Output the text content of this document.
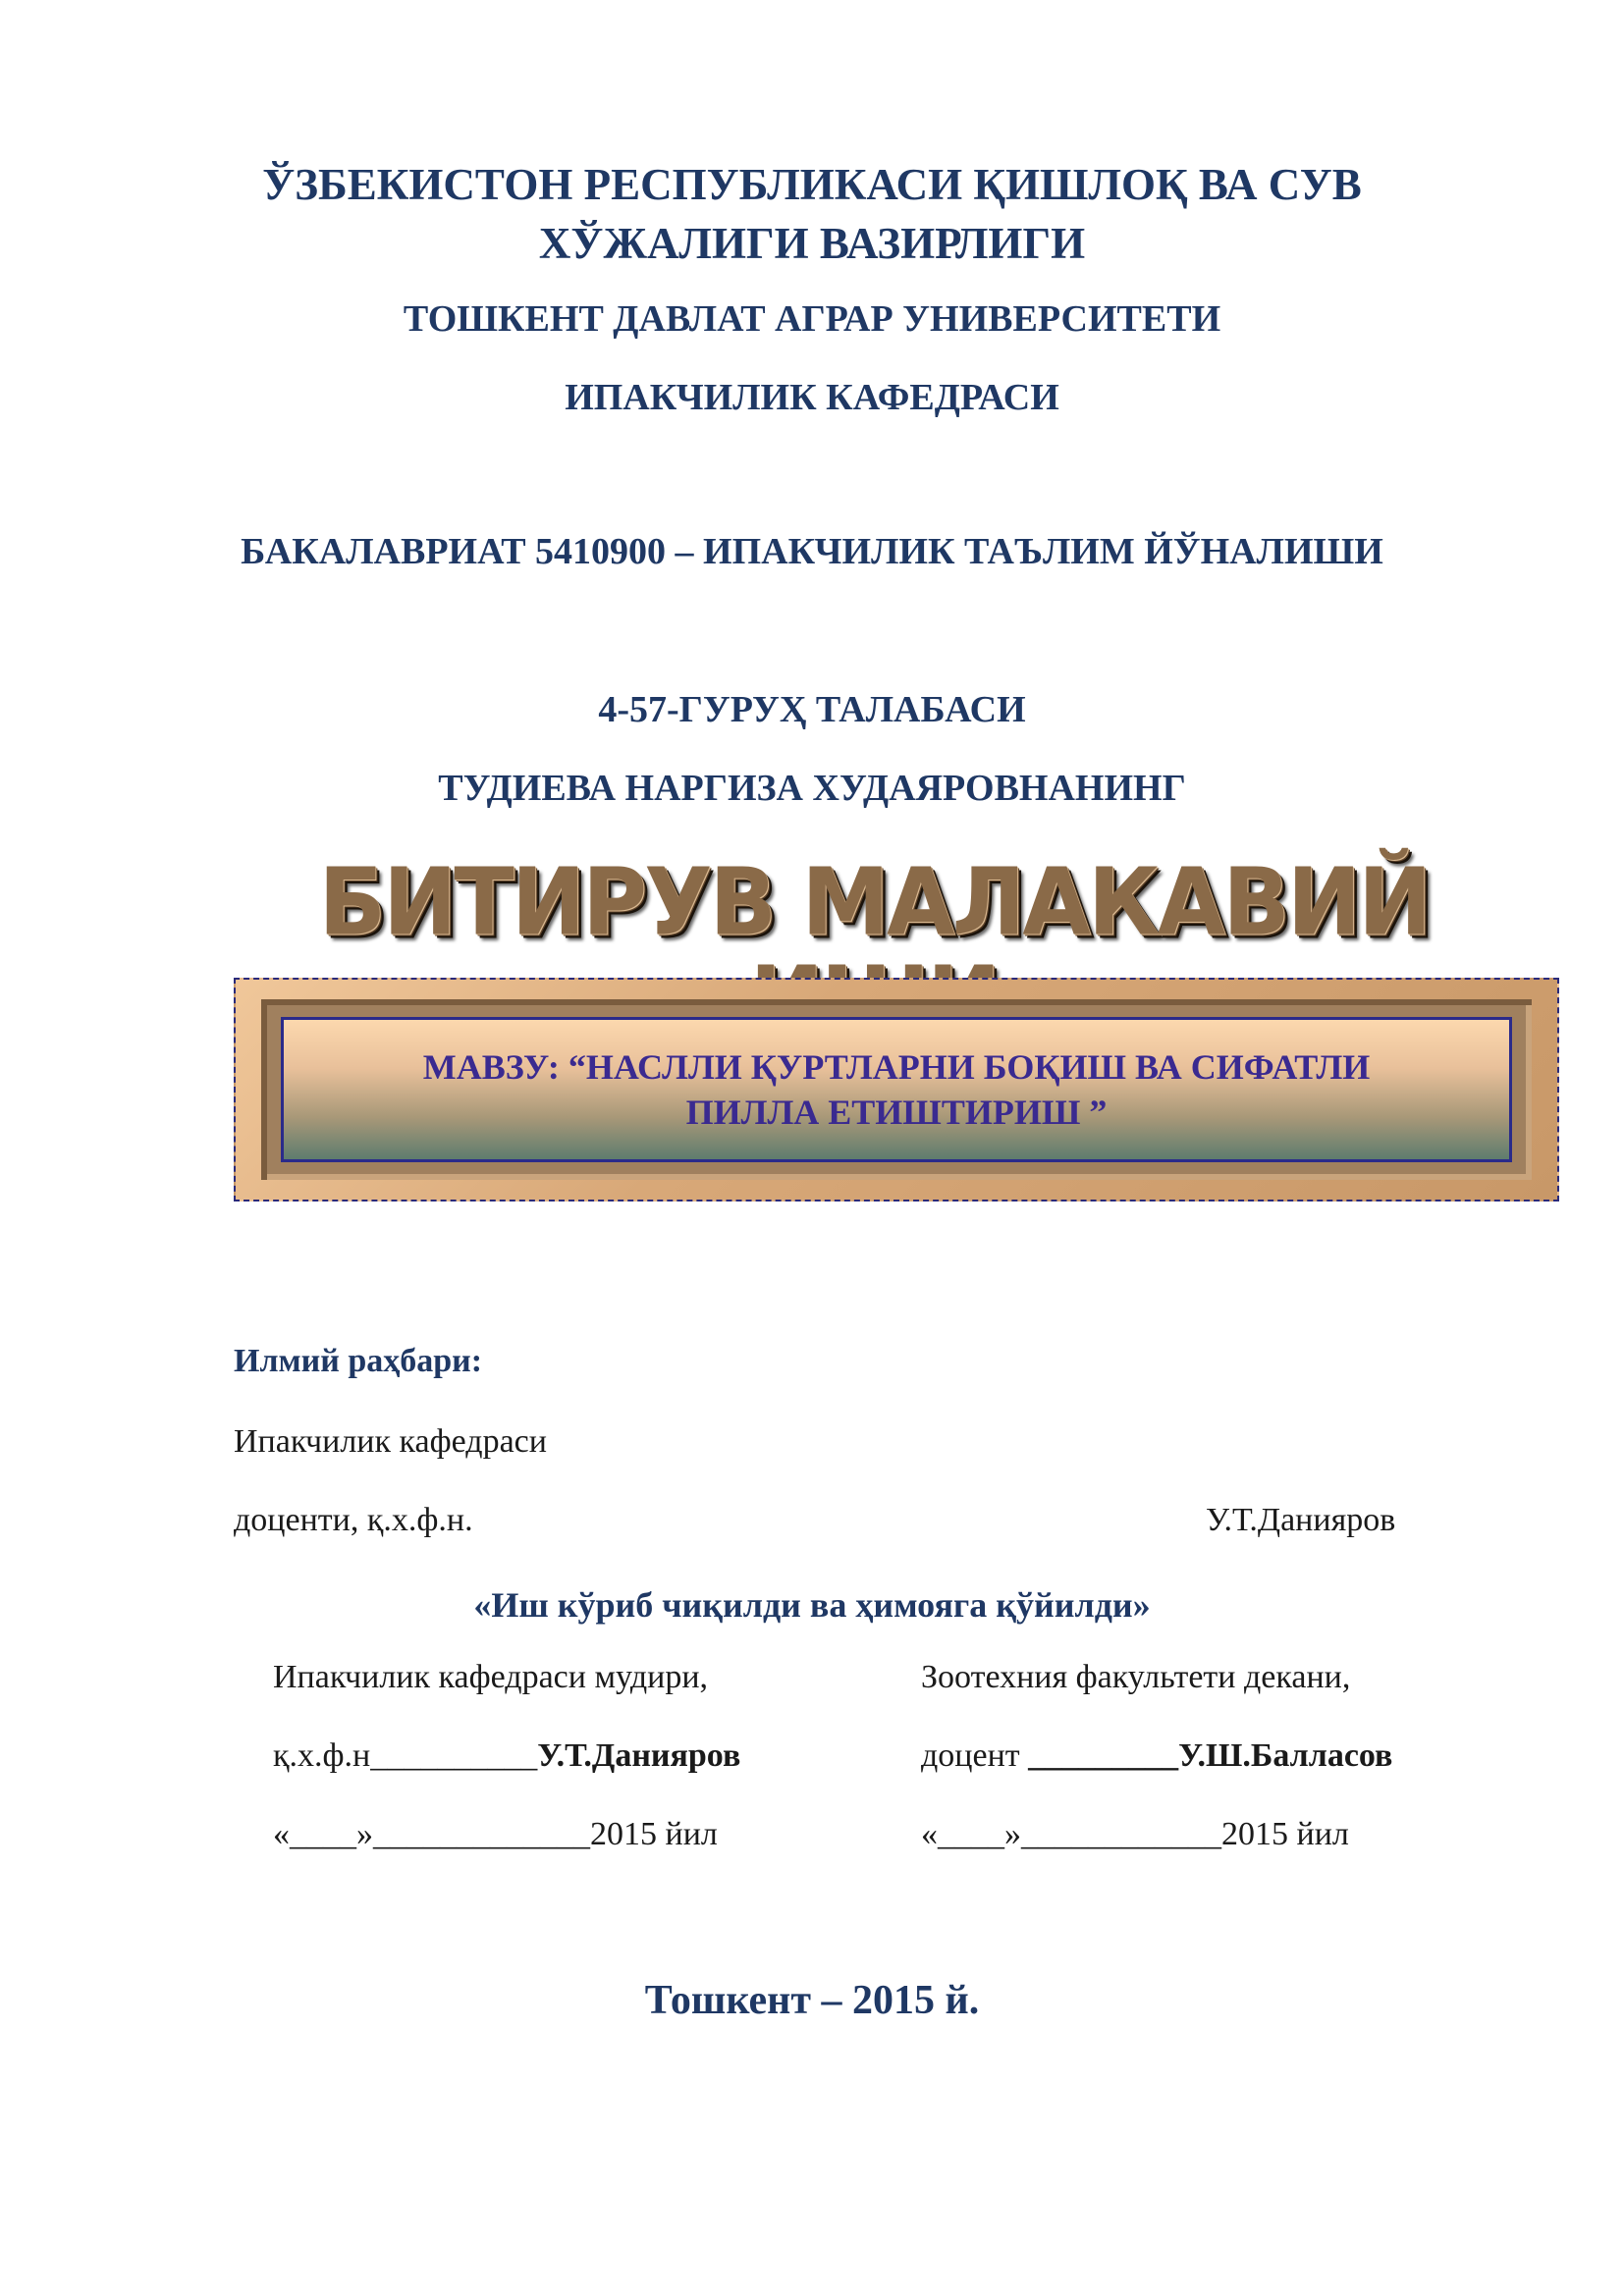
ЎЗБЕКИСТОН РЕСПУБЛИКАСИ ҚИШЛОҚ ВА СУВ
ХЎЖАЛИГИ ВАЗИРЛИГИ
ТОШКЕНТ ДАВЛАТ АГРАР УНИВЕРСИТЕТИ
ИПАКЧИЛИК КАФЕДРАСИ
БАКАЛАВРИАТ 5410900 – ИПАКЧИЛИК ТАЪЛИМ ЙЎНАЛИШИ
4-57-ГУРУҲ ТАЛАБАСИ
ТУДИЕВА НАРГИЗА ХУДАЯРОВНАНИНГ
БИТИРУВ МАЛАКАВИЙ
МАВЗУ: “НАСЛЛИ ҚУРТЛАРНИ БОҚИШ ВА СИФАТЛИ
ПИЛЛА ЕТИШТИРИШ ”
Илмий раҳбари:
Ипакчилик кафедраси
доценти, қ.х.ф.н.	У.Т.Данияров
«Иш кўриб чиқилди ва ҳимояга қўйилди»
Ипакчилик кафедраси мудири,
қ.х.ф.н__________У.Т.Данияров
«____»_____________2015 йил
Зоотехния факультети декани,
доцент _________У.Ш.Балласов
«____»____________2015 йил
Тошкент – 2015 й.
